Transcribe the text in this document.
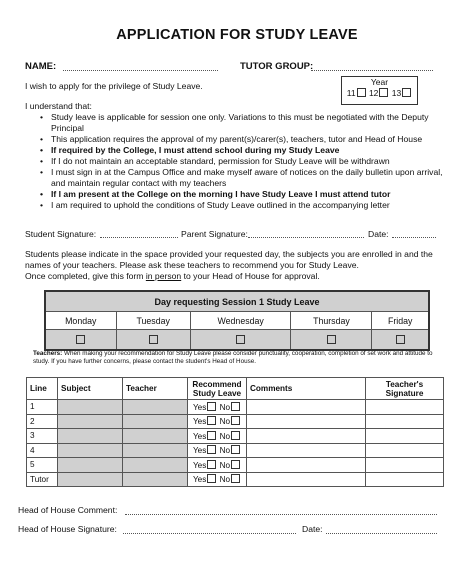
APPLICATION FOR STUDY LEAVE
NAME:	TUTOR GROUP:
I wish to apply for the privilege of Study Leave.	Year
11 12 13
I understand that:
• Study leave is applicable for session one only. Variations to this must be negotiated with the Deputy Principal
• This application requires the approval of my parent(s)/carer(s), teachers, tutor and Head of House
• If required by the College, I must attend school during my Study Leave
• If I do not maintain an acceptable standard, permission for Study Leave will be withdrawn
• I must sign in at the Campus Office and make myself aware of notices on the daily bulletin upon arrival, and maintain regular contact with my teachers
• If I am present at the College on the morning I have Study Leave I must attend tutor
• I am required to uphold the conditions of Study Leave outlined in the accompanying letter
Student Signature:	Parent Signature:	Date:
Students please indicate in the space provided your requested day, the subjects you are enrolled in and the names of your teachers. Please ask these teachers to recommend you for Study Leave.
Once completed, give this form in person to your Head of House for approval.
Day requesting Session 1 Study Leave				
Monday	Tuesday	Wednesday	Thursday	Friday

Teachers: When making your recommendation for Study Leave please consider punctuality, cooperation, completion of set work and attitude to study. If you have further concerns, please contact the student's Head of House.
Line	Subject	Teacher	Recommend Study Leave	Comments	Teacher's Signature
1			Yes No		
2			Yes No		
3			Yes No		
4			Yes No		
5			Yes No		
Tutor			Yes No		
Head of House Comment:
Head of House Signature:	Date:
